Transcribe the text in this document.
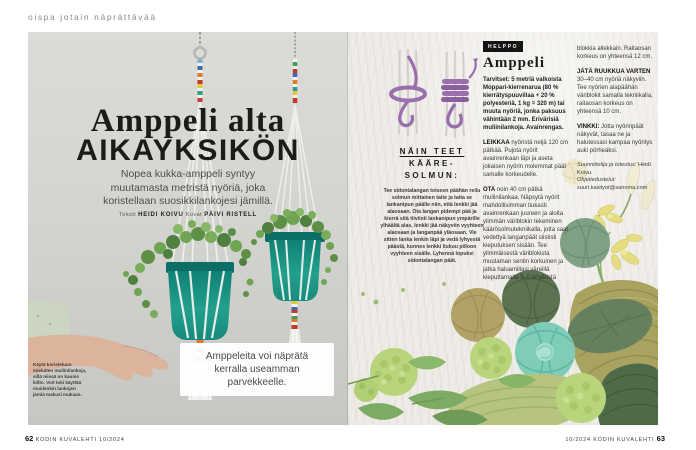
oispa jotain näprättävää
Amppeli alta
AIKAYKSIKÖN
Nopea kukka-amppeli syntyy
muutamasta metristä nyöriä, joka
koristellaan suosikkilankojesi jämillä.
Teksti HEIDI KOIVU Kuvat PÄIVI RISTELL
Käytä koristeluun mieluiten muliinilankoja, sillä niissä on kaunis kiilto. Voit toki käyttää muidenkin lankojen jämiä makusi mukaan.
Amppeleita voi näprätä
kerralla useamman
parvekkeelle.
HELPPO
Amppeli

Tarvitset: 5 metriä valkoista Moppari-kierrenarua (80 % kierrätyspuuvillaa + 20 % polyesteriä, 1 kg = 320 m) tai muuta nyöriä, jonka paksuus vähintään 2 mm. Erivärisiä muliinilankoja. Avainrengas.

LEIKKAA nyöristä neljä 120 cm pätkää. Pujota nyörit avainrenkaan läpi ja aseta jokaisen nyörin molemmat päät samalle korkeudelle.

OTA noin 40 cm pätkä muliinilankaa. Näpsytä nyörit mahdollisimman tiukasti avainrenkaan juureen ja aloita ylimmän väriblokin tekeminen käärösolmutekniikalla, jotta saat vedettyä langanpäät siististi kieputuksen sisään. Tee ylimmäisestä väriblokista muutaman sentin korkuinen ja jatka haluamillasi väreillä kieputtamalla 3–5 eriväristä

blokkia allekkain. Raitaosan korkeus on yhteensä 12 cm.

JÄTÄ RUUKKUA VARTEN 30–40 cm nyöriä näkyviin. Tee nyörien alapäähän väriblokit samalla tekniikalla, raitaosan korkeus on yhteensä 10 cm.

VINKKI: Jotta nyörinpäät näkyvät, tasaa ne ja halutessasi kampaa nyöritys auki pörheäksi.

Suunnittelija ja toteutus: Heidi Koivu.
Ohjetiedustelut:
suuri.kasityot@sanoma.com

NÄIN TEET
KÄÄRE-
SOLMUN:
Tee sidontalangan toiseen päähän reilu solmun mittainen taite ja taita se lankanipun päälle niin, että lenkki jää alaosaan. Ota langan pidempi pää ja kierrä sitä tiiviisti lankanipun ympärille ylhäältä alas, lenkki jää näkyviin vyyhteen alaosaan ja langanpää yläosaan. Vie sitten lanka lenkin läpi ja vedä lyhyestä päästä, kunnes lenkki liukuu piiloon vyyhteen sisälle. Lyhennä lopuksi sidontalangan päät.
62 KODIN KUVALEHTI 10/2024	10/2024 KODIN KUVALEHTI 63
